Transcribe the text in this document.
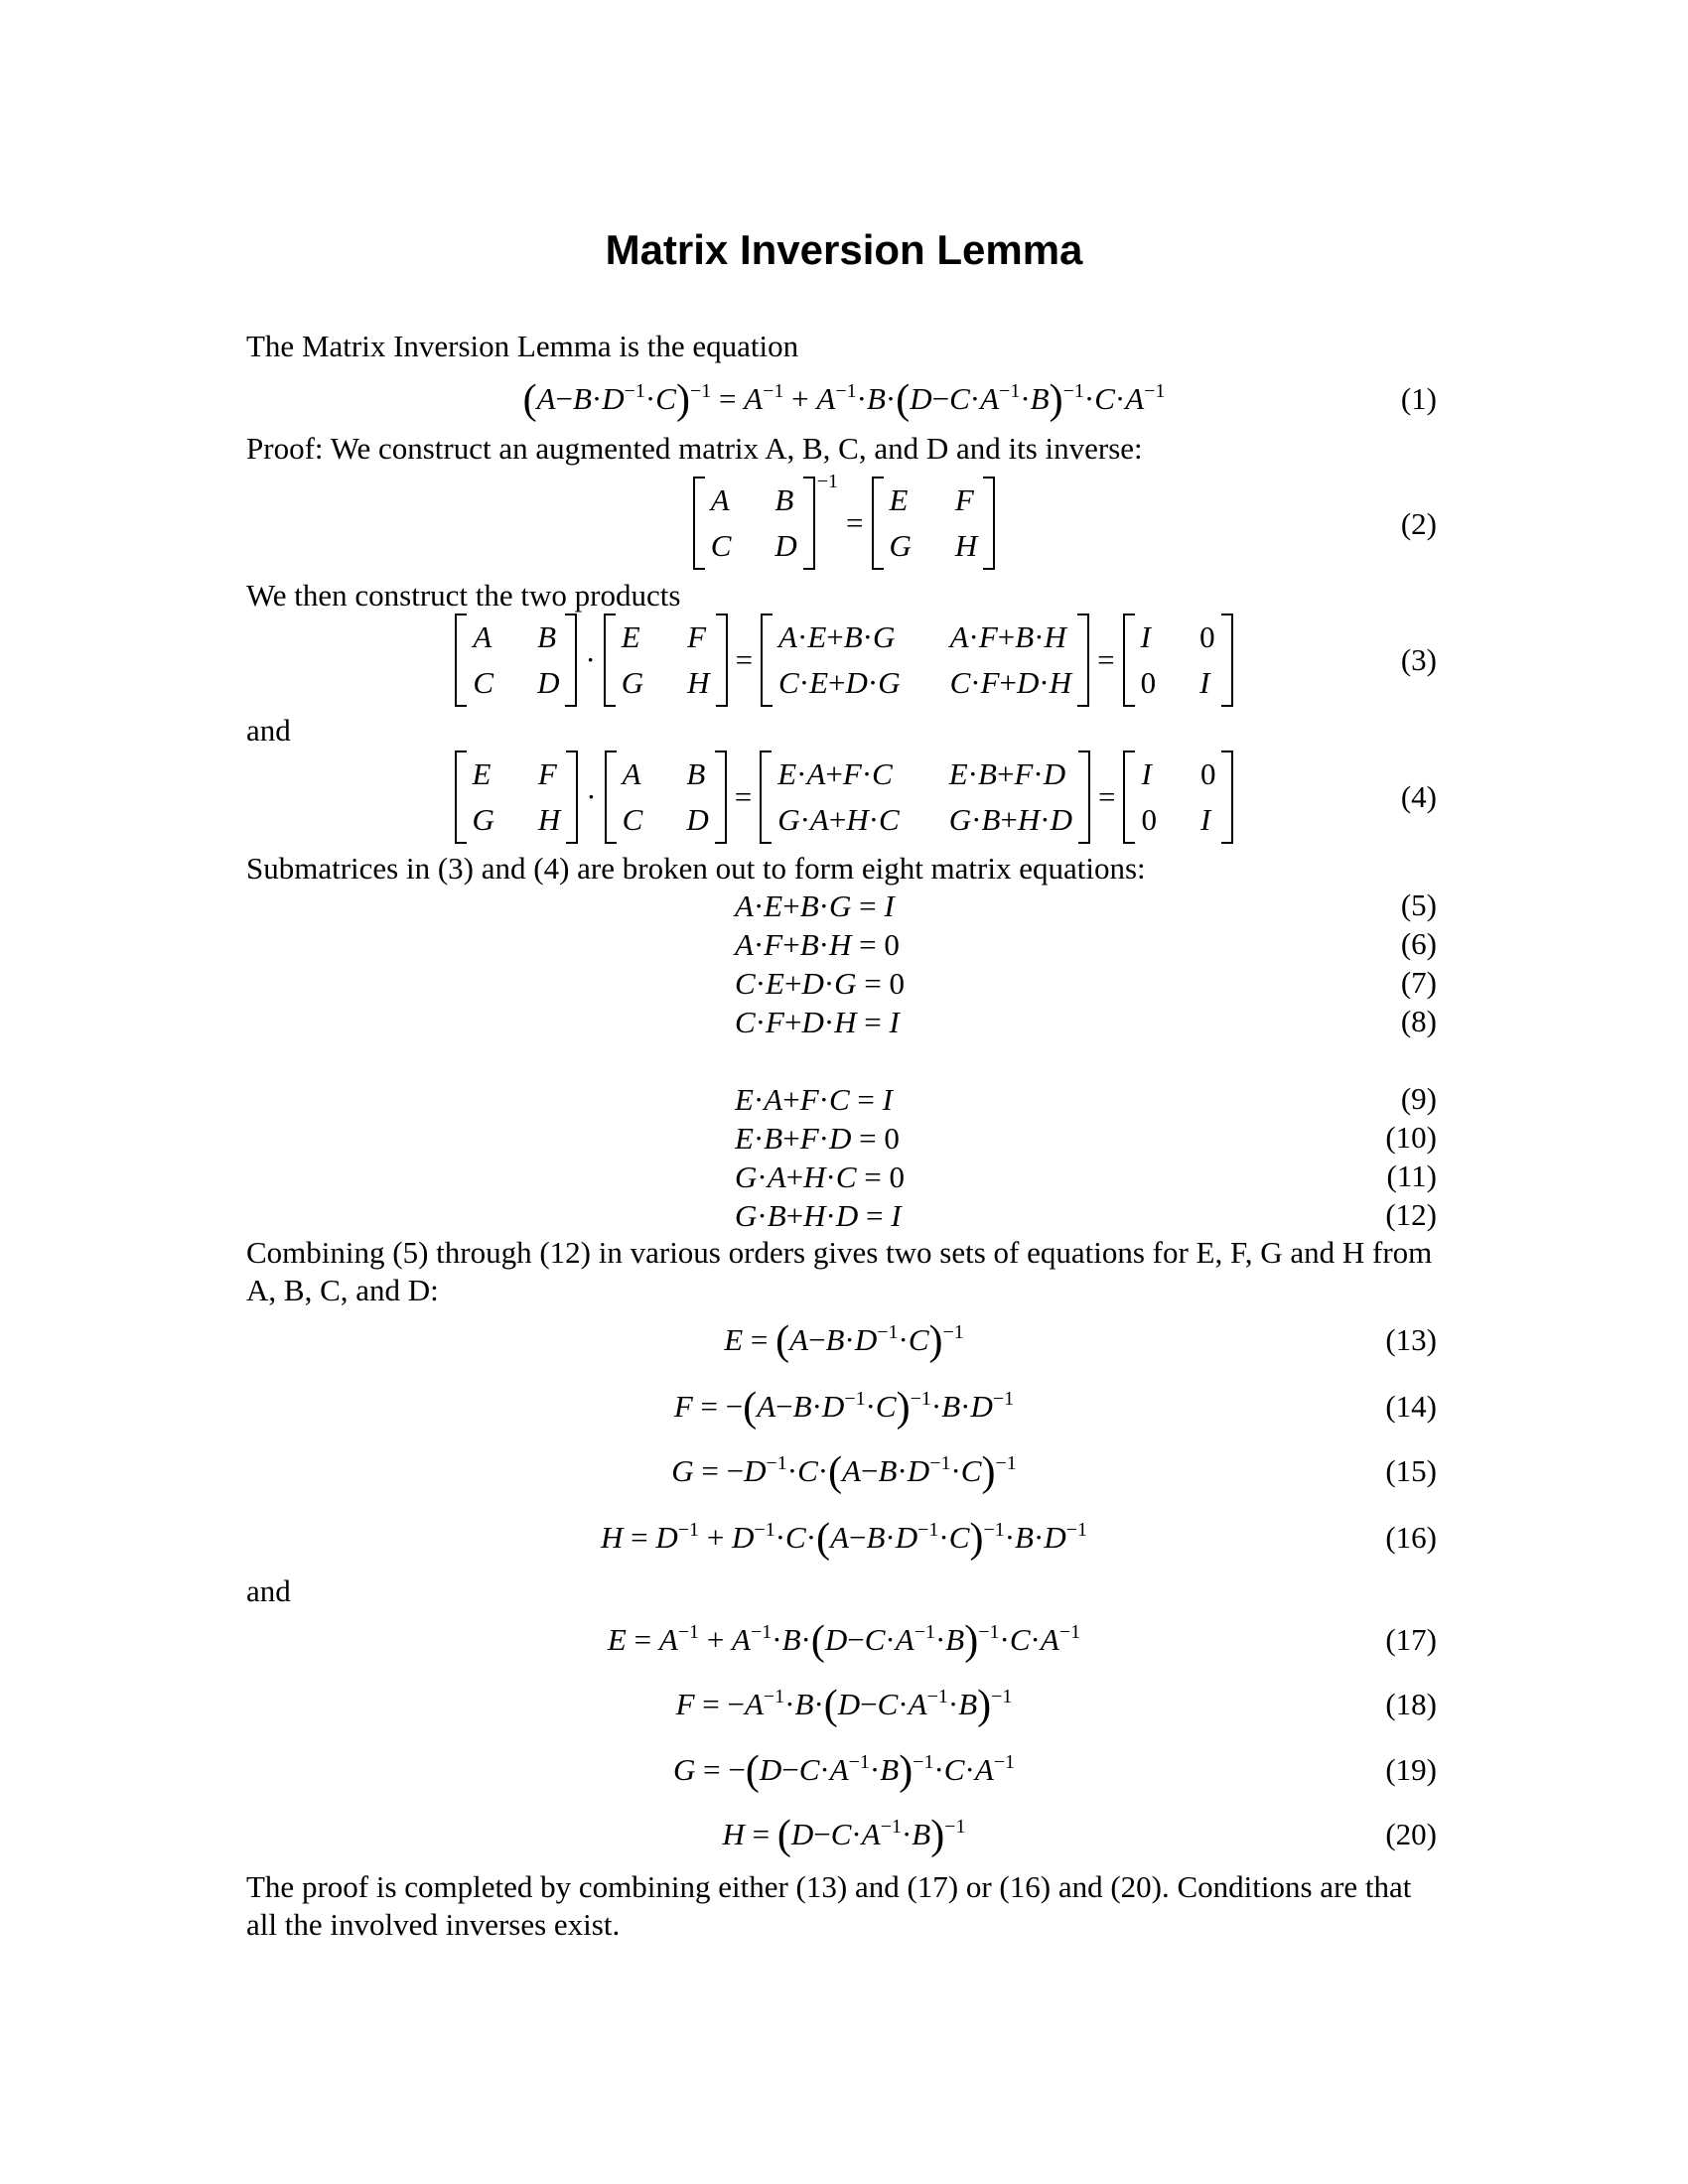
Matrix Inversion Lemma
The Matrix Inversion Lemma is the equation
$(A-B\cdot D^{-1}\cdot C)^{-1} = A^{-1} + A^{-1}\cdot B\cdot(D-C\cdot A^{-1}\cdot B)^{-1}\cdot C\cdot A^{-1}$	(1)
Proof: We construct an augmented matrix A, B, C, and D and its inverse:
A B
C D
−1
=
E F
G H
(2)
We then construct the two products
A B
C D
·
E F
G H
=
A·E+B·G A·F+B·H
C·E+D·G C·F+D·H
=
I 0
0 I
(3)
and
E F
G H
·
A B
C D
=
E·A+F·C E·B+F·D
G·A+H·C G·B+H·D
=
I 0
0 I
(4)
Submatrices in (3) and (4) are broken out to form eight matrix equations:
A·E+B·G = I
A·F+B·H = 0
C·E+D·G = 0
C·F+D·H = I
E·A+F·C = I
E·B+F·D = 0
G·A+H·C = 0
G·B+H·D = I
(5)
(6)
(7)
(8)
(9)
(10)
(11)
(12)
Combining (5) through (12) in various orders gives two sets of equations for E, F, G and H from A, B, C, and D:
$E = (A-B\cdot D^{-1}\cdot C)^{-1}$	(13)
$F = -(A-B\cdot D^{-1}\cdot C)^{-1}\cdot B\cdot D^{-1}$	(14)
$G = -D^{-1}\cdot C\cdot(A-B\cdot D^{-1}\cdot C)^{-1}$	(15)
$H = D^{-1} + D^{-1}\cdot C\cdot(A-B\cdot D^{-1}\cdot C)^{-1}\cdot B\cdot D^{-1}$	(16)
and
$E = A^{-1} + A^{-1}\cdot B\cdot(D-C\cdot A^{-1}\cdot B)^{-1}\cdot C\cdot A^{-1}$	(17)
$F = -A^{-1}\cdot B\cdot(D-C\cdot A^{-1}\cdot B)^{-1}$	(18)
$G = -(D-C\cdot A^{-1}\cdot B)^{-1}\cdot C\cdot A^{-1}$	(19)
$H = (D-C\cdot A^{-1}\cdot B)^{-1}$	(20)
The proof is completed by combining either (13) and (17) or (16) and (20). Conditions are that all the involved inverses exist.
